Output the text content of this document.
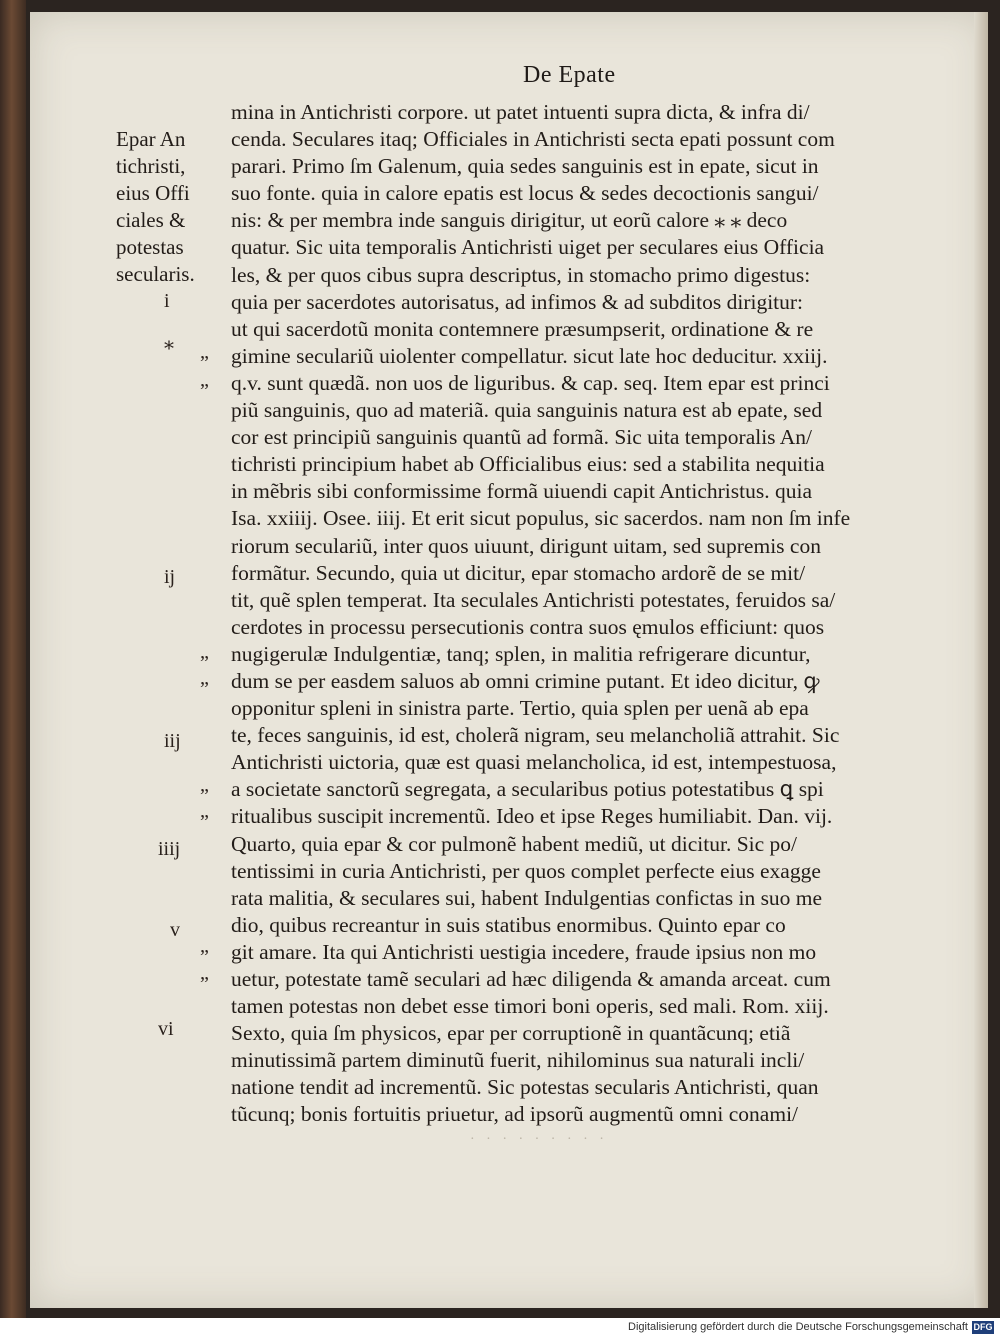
De Epate
Epar An
tichristi,
eius Offi
ciales &
potestas
secularis.
i
⁎
”
”
ij
”
”
iij
”
”
iiij
v
”
”
vi
mina in Antichristi corpore. ut patet intuenti supra dicta, & infra di/
cenda. Seculares itaq; Officiales in Antichristi secta epati possunt com
parari. Primo ſm Galenum, quia sedes sanguinis est in epate, sicut in
suo fonte. quia in calore epatis est locus & sedes decoctionis sangui/
nis: & per membra inde sanguis dirigitur, ut eorũ calore ⁎ ⁎ deco
quatur. Sic uita temporalis Antichristi uiget per seculares eius Officia
les, & per quos cibus supra descriptus, in stomacho primo digestus:
quia per sacerdotes autorisatus, ad infimos & ad subditos dirigitur:
ut qui sacerdotũ monita contemnere præsumpserit, ordinatione & re
gimine seculariũ uiolenter compellatur. sicut late hoc deducitur. xxiij.
q.v. sunt quædã. non uos de liguribus. & cap. seq. Item epar est princi
piũ sanguinis, quo ad materiã. quia sanguinis natura est ab epate, sed
cor est principiũ sanguinis quantũ ad formã. Sic uita temporalis An/
tichristi principium habet ab Officialibus eius: sed a stabilita nequitia
in mẽbris sibi conformissime formã uiuendi capit Antichristus. quia
Isa. xxiiij. Osee. iiij. Et erit sicut populus, sic sacerdos. nam non ſm infe
riorum seculariũ, inter quos uiuunt, dirigunt uitam, sed supremis con
formãtur. Secundo, quia ut dicitur, epar stomacho ardorẽ de se mit/
tit, quẽ splen temperat. Ita seculales Antichristi potestates, feruidos sa/
cerdotes in processu persecutionis contra suos ęmulos efficiunt: quos
nugigerulæ Indulgentiæ, tanq; splen, in malitia refrigerare dicuntur,
dum se per easdem saluos ab omni crimine putant. Et ideo dicitur, ꝙ
opponitur spleni in sinistra parte. Tertio, quia splen per uenã ab epa
te, feces sanguinis, id est, cholerã nigram, seu melancholiã attrahit. Sic
Antichristi uictoria, quæ est quasi melancholica, id est, intempestuosa,
a societate sanctorũ segregata, a secularibus potius potestatibus ꝗ spi
ritualibus suscipit incrementũ. Ideo et ipse Reges humiliabit. Dan. vij.
Quarto, quia epar & cor pulmonẽ habent mediũ, ut dicitur. Sic po/
tentissimi in curia Antichristi, per quos complet perfecte eius exagge
rata malitia, & seculares sui, habent Indulgentias confictas in suo me
dio, quibus recreantur in suis statibus enormibus. Quinto epar co
git amare. Ita qui Antichristi uestigia incedere, fraude ipsius non mo
uetur, potestate tamẽ seculari ad hæc diligenda & amanda arceat. cum
tamen potestas non debet esse timori boni operis, sed mali. Rom. xiij.
Sexto, quia ſm physicos, epar per corruptionẽ in quantãcunq; etiã
minutissimã partem diminutũ fuerit, nihilominus sua naturali incli/
natione tendit ad incrementũ. Sic potestas secularis Antichristi, quan
tũcunq; bonis fortuitis priuetur, ad ipsorũ augmentũ omni conami/
· · · · · · · · ·
Digitalisierung gefördert durch die Deutsche Forschungsgemeinschaft DFG
